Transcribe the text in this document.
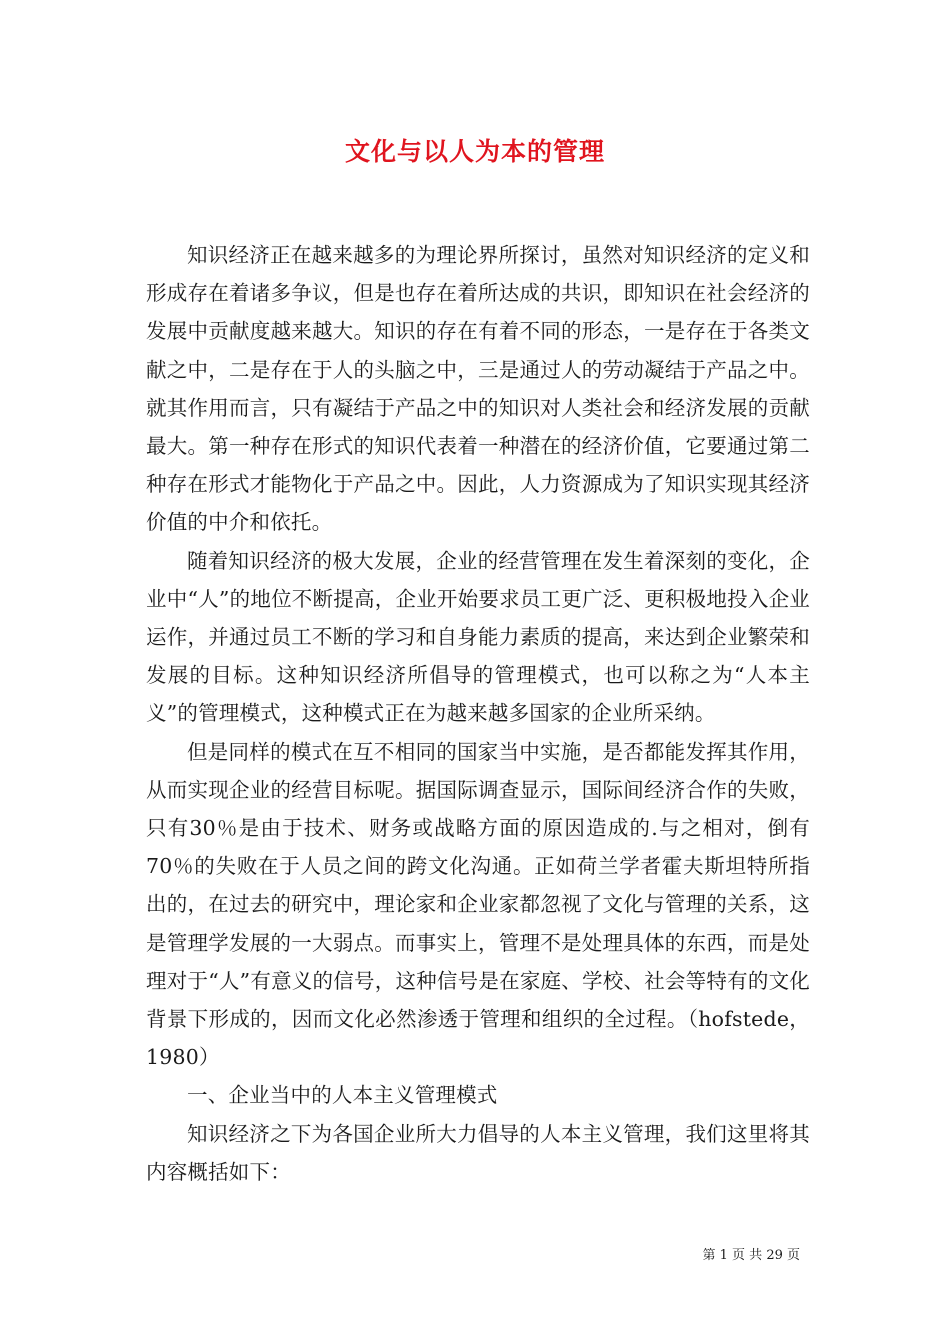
文化与以人为本的管理

知识经济正在越来越多的为理论界所探讨，虽然对知识经济的定义和形成存在着诸多争议，但是也存在着所达成的共识，即知识在社会经济的发展中贡献度越来越大。知识的存在有着不同的形态，一是存在于各类文献之中，二是存在于人的头脑之中，三是通过人的劳动凝结于产品之中。就其作用而言，只有凝结于产品之中的知识对人类社会和经济发展的贡献最大。第一种存在形式的知识代表着一种潜在的经济价值，它要通过第二种存在形式才能物化于产品之中。因此，人力资源成为了知识实现其经济价值的中介和依托。

随着知识经济的极大发展，企业的经营管理在发生着深刻的变化，企业中“人”的地位不断提高，企业开始要求员工更广泛、更积极地投入企业运作，并通过员工不断的学习和自身能力素质的提高，来达到企业繁荣和发展的目标。这种知识经济所倡导的管理模式，也可以称之为“人本主义”的管理模式，这种模式正在为越来越多国家的企业所采纳。

但是同样的模式在互不相同的国家当中实施，是否都能发挥其作用，从而实现企业的经营目标呢。据国际调查显示，国际间经济合作的失败，只有30％是由于技术、财务或战略方面的原因造成的.与之相对，倒有70％的失败在于人员之间的跨文化沟通。正如荷兰学者霍夫斯坦特所指出的，在过去的研究中，理论家和企业家都忽视了文化与管理的关系，这是管理学发展的一大弱点。而事实上，管理不是处理具体的东西，而是处理对于“人”有意义的信号，这种信号是在家庭、学校、社会等特有的文化背景下形成的，因而文化必然渗透于管理和组织的全过程。（hofstede，1980）

一、企业当中的人本主义管理模式

知识经济之下为各国企业所大力倡导的人本主义管理，我们这里将其内容概括如下：

第 1 页 共 29 页
